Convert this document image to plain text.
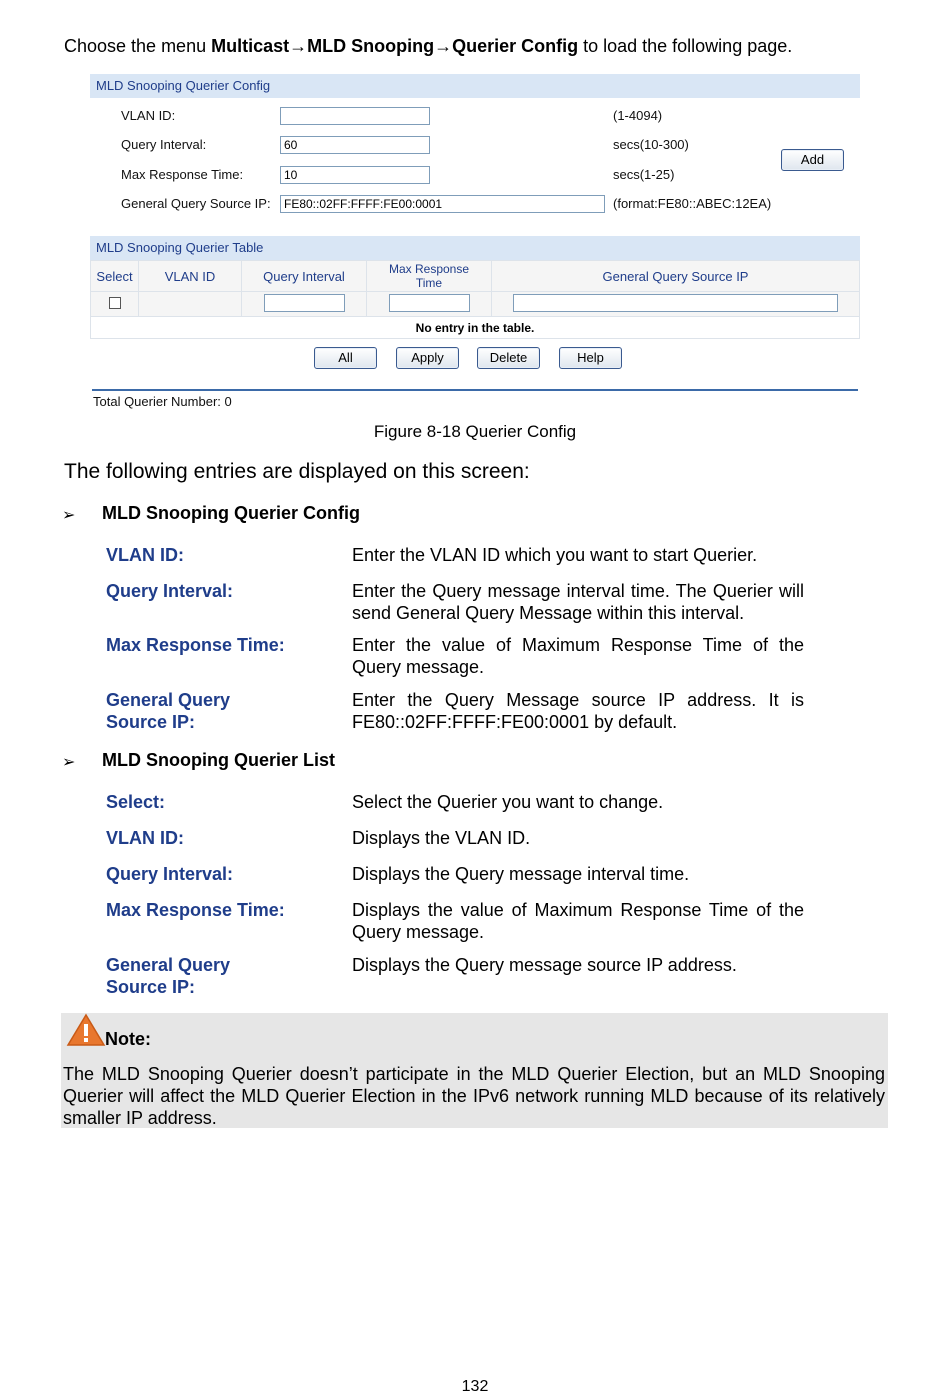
Choose the menu Multicast→MLD Snooping→Querier Config to load the following page.
MLD Snooping Querier Config
VLAN ID:	(1-4094)
Query Interval:
60	secs(10-300)
Add
Max Response Time:
10	secs(1-25)
General Query Source IP:
FE80::02FF:FFFF:FE00:0001	(format:FE80::ABEC:12EA)
MLD Snooping Querier Table
Select	VLAN ID	Query Interval	Max Response Time	General Query Source IP

No entry in the table.				
All	Apply	Delete	Help
Total Querier Number: 0
Figure 8-18 Querier Config
The following entries are displayed on this screen:
➢ MLD Snooping Querier Config
VLAN ID:	Enter the VLAN ID which you want to start Querier.
Query Interval:	Enter the Query message interval time. The Querier will send General Query Message within this interval.
Max Response Time:	Enter the value of Maximum Response Time of the Query message.
General Query
Source IP:
Enter the Query Message source IP address. It is FE80::02FF:FFFF:FE00:0001 by default.
➢ MLD Snooping Querier List
Select:	Select the Querier you want to change.
VLAN ID:	Displays the VLAN ID.
Query Interval:	Displays the Query message interval time.
Max Response Time:	Displays the value of Maximum Response Time of the Query message.
General Query
Source IP:
Displays the Query message source IP address.
Note:
The MLD Snooping Querier doesn’t participate in the MLD Querier Election, but an MLD Snooping Querier will affect the MLD Querier Election in the IPv6 network running MLD because of its relatively smaller IP address.
132
